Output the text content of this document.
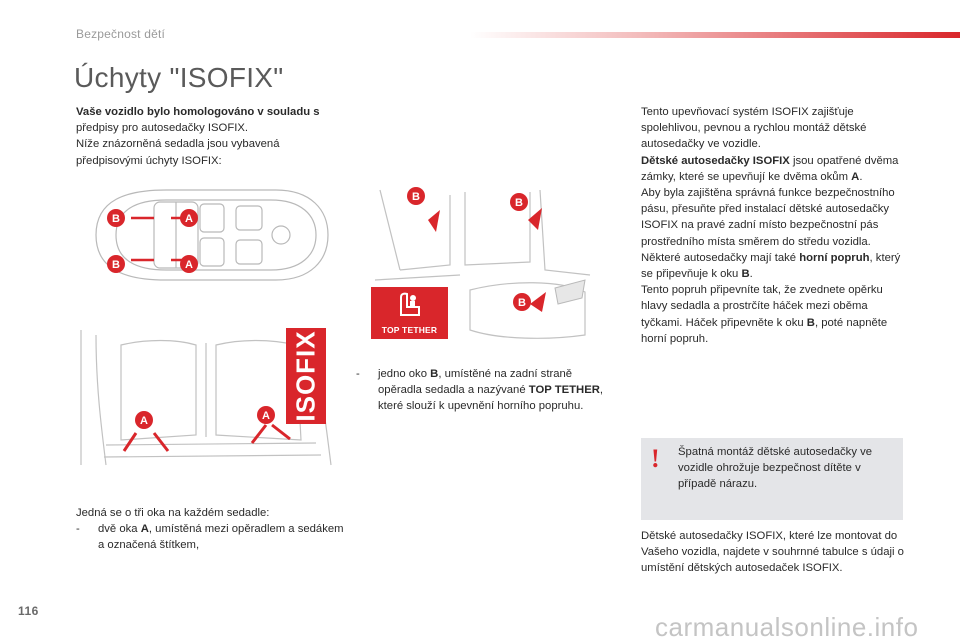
Bezpečnost dětí
Úchyty "ISOFIX"
Vaše vozidlo bylo homologováno v souladu s předpisy pro autosedačky ISOFIX.
Níže znázorněná sedadla jsou vybavená předpisovými úchyty ISOFIX:
B
B
A
A
A	A ISOFIX
B	B
B
TOP TETHER
-	jedno oko B, umístěné na zadní straně opěradla sedadla a nazývané TOP TETHER, které slouží k upevnění horního popruhu.
Jedná se o tři oka na každém sedadle:
-	dvě oka A, umístěná mezi opěradlem a sedákem a označená štítkem,
Tento upevňovací systém ISOFIX zajišťuje spolehlivou, pevnou a rychlou montáž dětské autosedačky ve vozidle.
Dětské autosedačky ISOFIX jsou opatřené dvěma zámky, které se upevňují ke dvěma okům A.
Aby byla zajištěna správná funkce bezpečnostního pásu, přesuňte před instalací dětské autosedačky ISOFIX na pravé zadní místo bezpečnostní pás prostředního místa směrem do středu vozidla.
Některé autosedačky mají také horní popruh, který se připevňuje k oku B.
Tento popruh připevníte tak, že zvednete opěrku hlavy sedadla a prostrčíte háček mezi oběma tyčkami. Háček připevněte k oku B, poté napněte horní popruh.
! Špatná montáž dětské autosedačky ve vozidle ohrožuje bezpečnost dítěte v případě nárazu.
Dětské autosedačky ISOFIX, které lze montovat do Vašeho vozidla, najdete v souhrnné tabulce s údaji o umístění dětských autosedaček ISOFIX.
116
carmanualsonline.info
